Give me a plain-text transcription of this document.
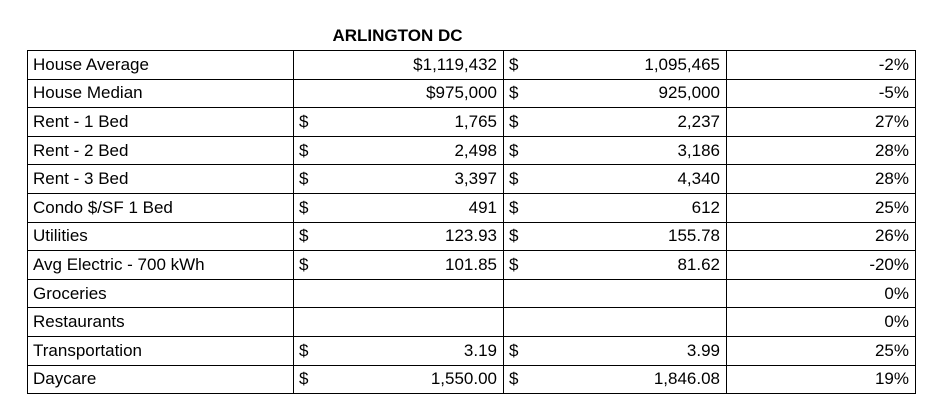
ARLINGTON DC
House Average		$1,119,432	$	1,095,465	-2%
House Median		$975,000	$	925,000	-5%
Rent - 1 Bed	$	1,765	$	2,237	27%
Rent - 2 Bed	$	2,498	$	3,186	28%
Rent - 3 Bed	$	3,397	$	4,340	28%
Condo $/SF 1 Bed	$	491	$	612	25%
Utilities	$	123.93	$	155.78	26%
Avg Electric - 700 kWh	$	101.85	$	81.62	-20%
Groceries					0%
Restaurants					0%
Transportation	$	3.19	$	3.99	25%
Daycare	$	1,550.00	$	1,846.08	19%
